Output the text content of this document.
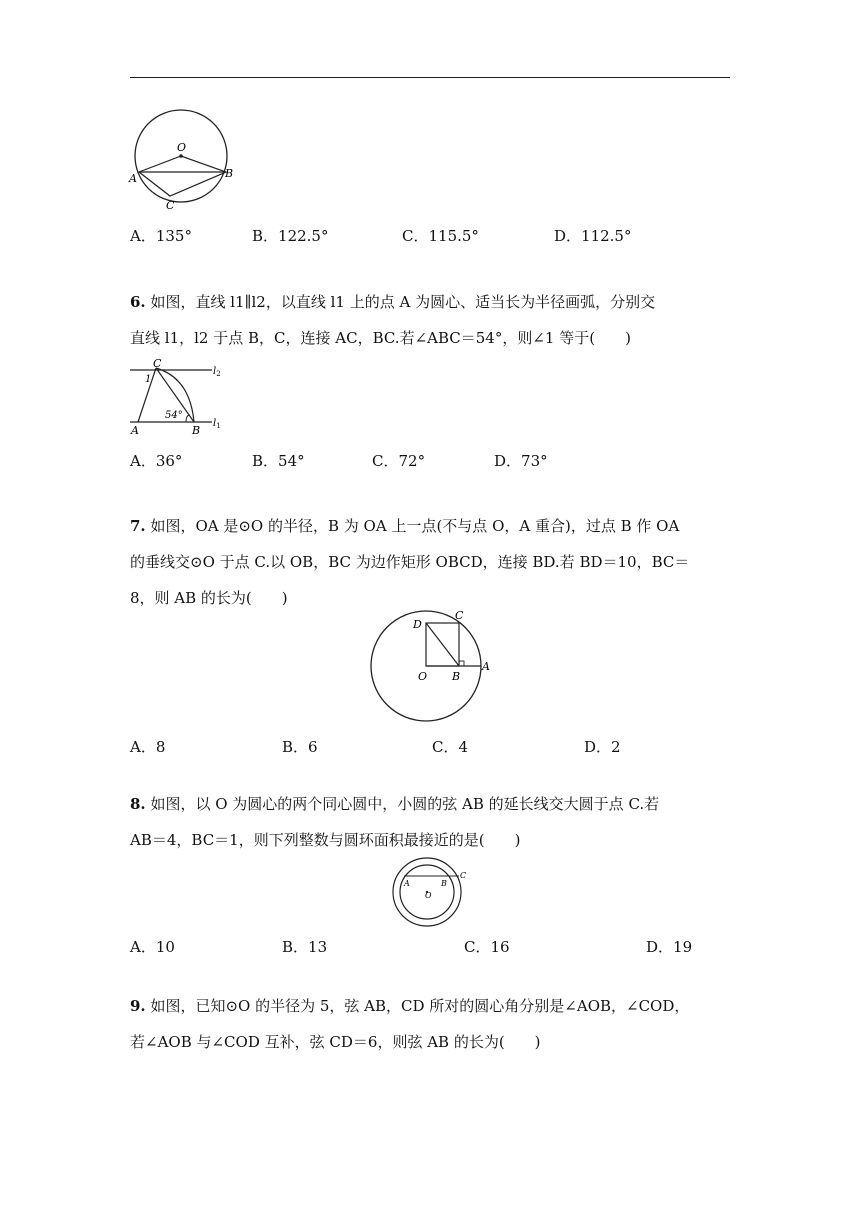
O
A	B
C
A．135°	B．122.5°	C．115.5°	D．112.5°
6. 如图，直线 l1∥l2，以直线 l1 上的点 A 为圆心、适当长为半径画弧，分别交
直线 l1，l2 于点 B，C，连接 AC，BC.若∠ABC＝54°，则∠1 等于(　　)
C
1
54°
A	B
$l_2$
$l_1$
A．36°	B．54°	C．72°	D．73°
7. 如图，OA 是⊙O 的半径，B 为 OA 上一点(不与点 O，A 重合)，过点 B 作 OA
的垂线交⊙O 于点 C.以 OB，BC 为边作矩形 OBCD，连接 BD.若 BD＝10，BC＝
8，则 AB 的长为(　　)
D
C
A
O B
A．8	B．6	C．4	D．2
8. 如图，以 O 为圆心的两个同心圆中，小圆的弦 AB 的延长线交大圆于点 C.若
AB＝4，BC＝1，则下列整数与圆环面积最接近的是(　　)
A	B
C
O
A．10	B．13	C．16	D．19
9. 如图，已知⊙O 的半径为 5，弦 AB，CD 所对的圆心角分别是∠AOB，∠COD，
若∠AOB 与∠COD 互补，弦 CD＝6，则弦 AB 的长为(　　)
